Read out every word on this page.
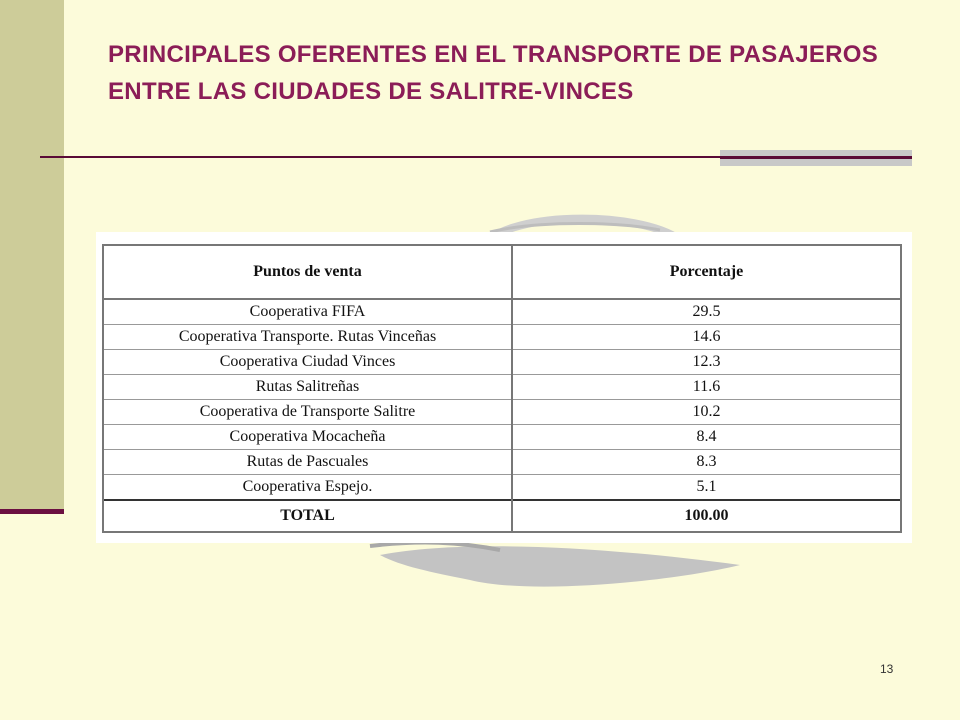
PRINCIPALES OFERENTES EN EL TRANSPORTE DE PASAJEROS ENTRE LAS CIUDADES DE SALITRE-VINCES
Puntos de venta	Porcentaje
Cooperativa FIFA	29.5
Cooperativa Transporte. Rutas Vinceñas	14.6
Cooperativa Ciudad Vinces	12.3
Rutas Salitreñas	11.6
Cooperativa de Transporte Salitre	10.2
Cooperativa Mocacheña	8.4
Rutas de Pascuales	8.3
Cooperativa Espejo.	5.1
TOTAL	100.00
13
